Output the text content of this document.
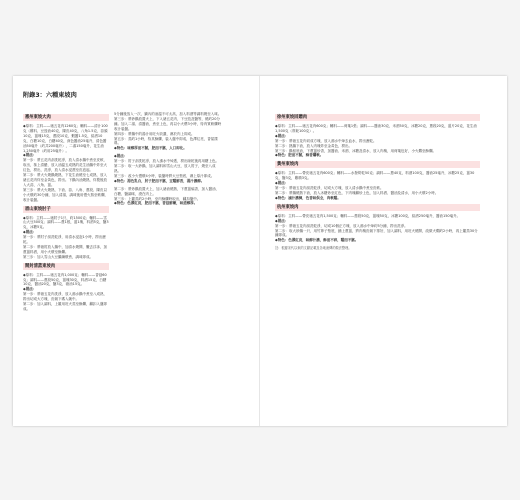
附錄3：六種東坡肉
惠州東坡大肉

◆原料：主料——豬五花肉1260克；輔料——清汁100克（雞料、豆豉油40克，陳皮40克，八角1.5克，蒜頭10克，薑塊15克，蔥段10克，蝦醬1.5克，紹酒10克，白糖10克，白糖40克，深色醬油25毫升，清色醬油50毫升（約共200毫升），二湯150毫升，花生油1,250毫升（約用25毫升）。

◆製法：

第一步：將五花肉刮洗乾淨，放入清水鍋中煮至皮軟，取出，抹上清醋，放入油溫五成熱的花生油鍋中炸至大紅色，撈出，洗淨，放入清水浸漂至皮泡起。

第二步：將大火燒鍋燒熱，下花生油燒至七成熱，放入豬五花肉炸至金黃色，撈出。下鍋內油燒熱，炸製後放入大蒜、八角、薑。

第三步：將大火燒熱，下油、蒜、八角、蔥段、陳皮以小火燉約30分鐘，加入清湯，調味後用慢火熬至軟爛，收汁裝盤。

眉山東坡肘子

◆原料：主料——豬肘子1只，約1500克；輔料——雪山大豆500克；調料——蔥1根，薑1塊，料酒5克，鹽3克，冰糖5克。

◆製法：

第一步：將肘子刮洗乾淨，用清水浸泡1小時，撈出瀝乾。

第二步：將豬肘放入鍋中，加清水燒開，撇去浮沫，加蔥薑料酒，用小火燉至酥爛。

第三步：加入雪山大豆繼續燉煮，調味即成。

開封清蒸東坡肉

◆原料：主料——豬五花肉1,000克；輔料——香菇60克；調料——蔥段50克，薑塊30克，料酒15克，白糖10克，醬油20克，鹽3克，豬油15克。

◆製法：

第一步：將豬五花肉洗淨，放入沸水鍋中煮至八成熟，撈出切成大方塊，皮朝下碼入碗中。

第二步：加入調料，上籠用旺火蒸至酥爛，翻扣入盤即成。

5分鐘後放入一次，鍋內的油溫不可太高，加入料酒等調料燒至入味。

第三步：將砂鍋放置火上，下入豬五花肉，下豆豉及鹽等，燒約20分鐘。加入二湯、清醬油，煮至上色，再以小火煨3小時，待肉質軟爛時收汁裝盤。

第四步：將鍋中的湯汁用旺火收濃，淋於肉上即成。

第五步：蒸約1小時，待其酥爛，裝入盤中即成，色澤紅亮，香氣撲鼻。

◆特色：味醇厚而不膩，肥而不膩，入口即化。

◆製法：

第一步：肘子刮洗乾淨，放入沸水中焯透，撈出晾乾後再用糖上色。

第二步：取一大砂鍋，加入調料和雪山大豆，放入肘子，燒至八成熟。

第三步：改小火慢燉4小時，裝盤時將大豆墊底，淋上原汁即成。

◆特色：湯色乳白，肘子肥而不膩，豆糯鮮香，湯汁濃醇。

第二步：將炒鍋放置火上，加入豬油燒熱，下蔥薑煸香，加入醬油、白糖、鹽調味，澆在肉上。

第三步：上籠蒸約2小時，至肉酥爛時取出，翻扣盤中。

◆特色：色澤紅亮，肥而不膩，香菇鮮嫩，味道醇厚。

徐州東坡回贈肉

◆原料：主料——豬五花肉600克；輔料——荷葉1張；調料——醬油30克，米酒50克，冰糖20克，蔥段20克，薑片20克，花生油1,500克（實耗100克）。

◆製法：

第一步：將豬五花肉切成方塊，放入沸水中焯去血水，撈出瀝乾。

第二步：熱鍋下油，放入肉塊炸至金黃色，撈出。

第三步：鍋留底油，下蔥薑炒香，加醬油、米酒、冰糖及清水，放入肉塊，用荷葉包好，小火燜至酥爛。

◆特色：肥而不膩，酥香爛軟。

黃州東坡肉

◆原料：主料——帶皮豬五花肉600克；輔料——水發筍乾50克；調料——蔥40克，料酒100克，醬油25毫升，冰糖25克，薑30克，鹽3克，雞精3克。

◆製法：

第一步：將豬五花肉刮洗乾淨，切成大方塊，放入清水鍋中煮至皮軟。

第二步：將鍋燒熱下油，放入冰糖炒至紅色，下肉塊翻炒上色，加入料酒、醬油及清水，用小火燉2小時。

◆特色：滷汁濃稠，色香味俱全，肉軟糯。

杭州東坡肉

◆原料：主料——帶皮豬五花肉1,500克；輔料——蔥段50克，薑塊50克，冰糖100克，紹酒250毫升，醬油150毫升。

◆製法：

第一步：將豬五花肉刮洗乾淨，切成10個正方塊，放入沸水中焯約5分鐘，撈出洗淨。

第二步：取大砂鍋一只，用竹箅子墊底，鋪上蔥薑，將肉塊皮朝下排好，加入調料，用旺火燒開，改微火燜約2小時，再上籠蒸30分鐘即成。

◆特色：色澤紅亮，味醇汁濃，酥而不碎，糯而不膩。

註：根據宋代以來的文獻記載及各地流傳的做法整理。
